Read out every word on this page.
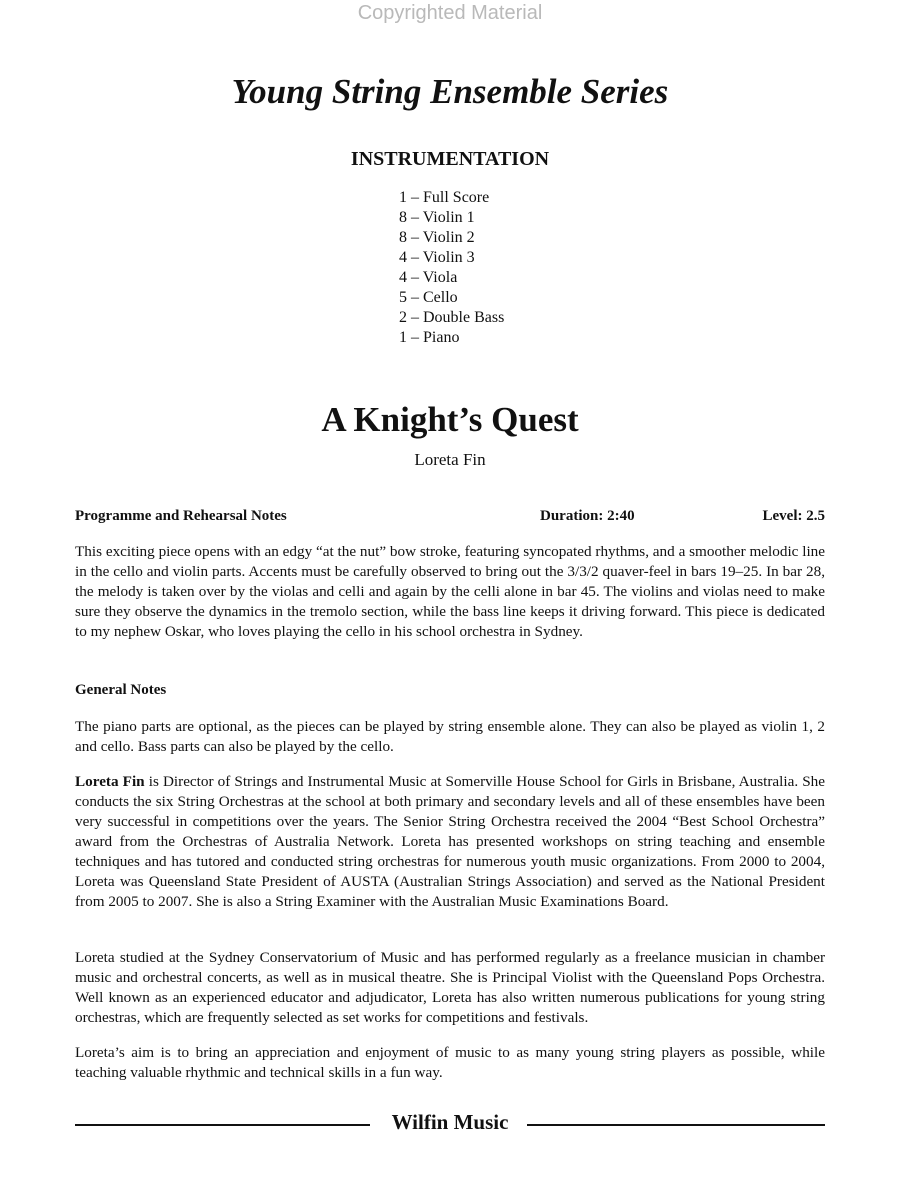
Copyrighted Material
Young String Ensemble Series
INSTRUMENTATION
1 – Full Score
8 – Violin 1
8 – Violin 2
4 – Violin 3
4 – Viola
5 – Cello
2 – Double Bass
1 – Piano
A Knight’s Quest
Loreta Fin
Programme and Rehearsal Notes	Duration: 2:40	Level: 2.5
This exciting piece opens with an edgy “at the nut” bow stroke, featuring syncopated rhythms, and a smoother melodic line in the cello and violin parts. Accents must be carefully observed to bring out the 3/3/2 quaver-feel in bars 19–25. In bar 28, the melody is taken over by the violas and celli and again by the celli alone in bar 45. The violins and violas need to make sure they observe the dynamics in the tremolo section, while the bass line keeps it driving forward. This piece is dedicated to my nephew Oskar, who loves playing the cello in his school orchestra in Sydney.
General Notes
The piano parts are optional, as the pieces can be played by string ensemble alone. They can also be played as violin 1, 2 and cello. Bass parts can also be played by the cello.
Loreta Fin is Director of Strings and Instrumental Music at Somerville House School for Girls in Brisbane, Australia. She conducts the six String Orchestras at the school at both primary and secondary levels and all of these ensembles have been very successful in competitions over the years. The Senior String Orchestra received the 2004 “Best School Orchestra” award from the Orchestras of Australia Network. Loreta has presented workshops on string teaching and ensemble techniques and has tutored and conducted string orchestras for numerous youth music organizations. From 2000 to 2004, Loreta was Queensland State President of AUSTA (Australian Strings Association) and served as the National President from 2005 to 2007. She is also a String Examiner with the Australian Music Examinations Board.
Loreta studied at the Sydney Conservatorium of Music and has performed regularly as a freelance musician in chamber music and orchestral concerts, as well as in musical theatre. She is Principal Violist with the Queensland Pops Orchestra. Well known as an experienced educator and adjudicator, Loreta has also written numerous publications for young string orchestras, which are frequently selected as set works for competitions and festivals.
Loreta’s aim is to bring an appreciation and enjoyment of music to as many young string players as possible, while teaching valuable rhythmic and technical skills in a fun way.
Wilfin Music
